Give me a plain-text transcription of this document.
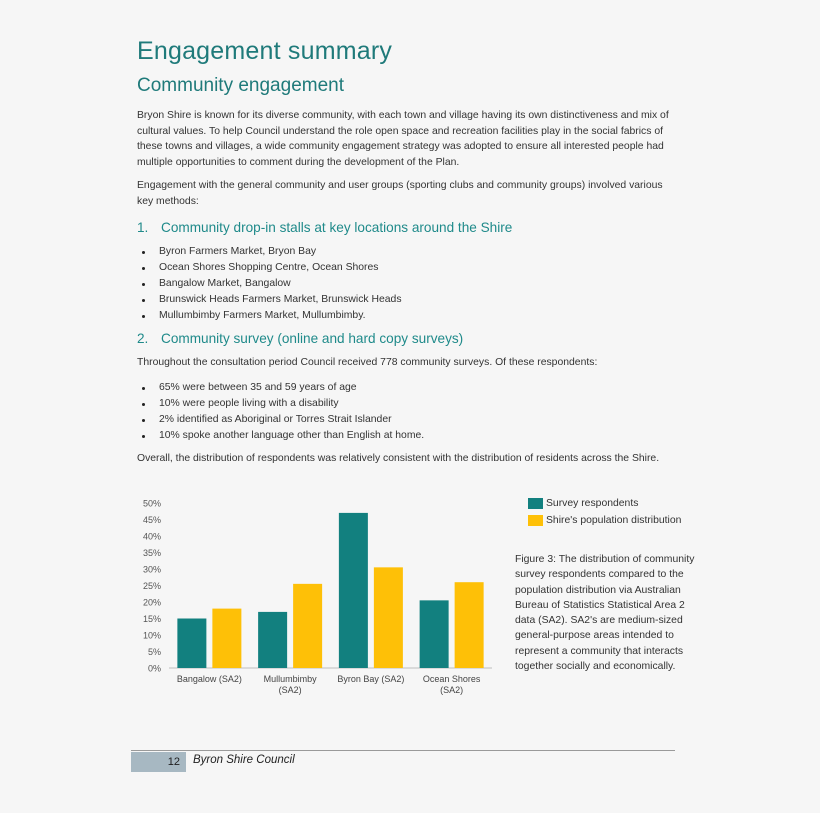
Engagement summary
Community engagement

Bryon Shire is known for its diverse community, with each town and village having its own distinctiveness and mix of cultural values. To help Council understand the role open space and recreation facilities play in the social fabrics of these towns and villages, a wide community engagement strategy was adopted to ensure all interested people had multiple opportunities to comment during the development of the Plan.

Engagement with the general community and user groups (sporting clubs and community groups) involved various key methods:

1. Community drop-in stalls at key locations around the Shire
Byron Farmers Market, Bryon Bay
Ocean Shores Shopping Centre, Ocean Shores
Bangalow Market, Bangalow
Brunswick Heads Farmers Market, Brunswick Heads
Mullumbimby Farmers Market, Mullumbimby.
2. Community survey (online and hard copy surveys)

Throughout the consultation period Council received 778 community surveys. Of these respondents:

65% were between 35 and 59 years of age
10% were people living with a disability
2% identified as Aboriginal or Torres Strait Islander
10% spoke another language other than English at home.

Overall, the distribution of respondents was relatively consistent with the distribution of residents across the Shire.

50%
45%
40%
35%
30%
25%
20%
15%
10%
5%
0%
Bangalow (SA2) Mullumbimby
(SA2)
Byron Bay (SA2) Ocean Shores
(SA2)
Survey respondents
Shire's population distribution

Figure 3: The distribution of community survey respondents compared to the population distribution via Australian Bureau of Statistics Statistical Area 2 data (SA2). SA2's are medium-sized general-purpose areas intended to represent a community that interacts together socially and economically.

12	Byron Shire Council
